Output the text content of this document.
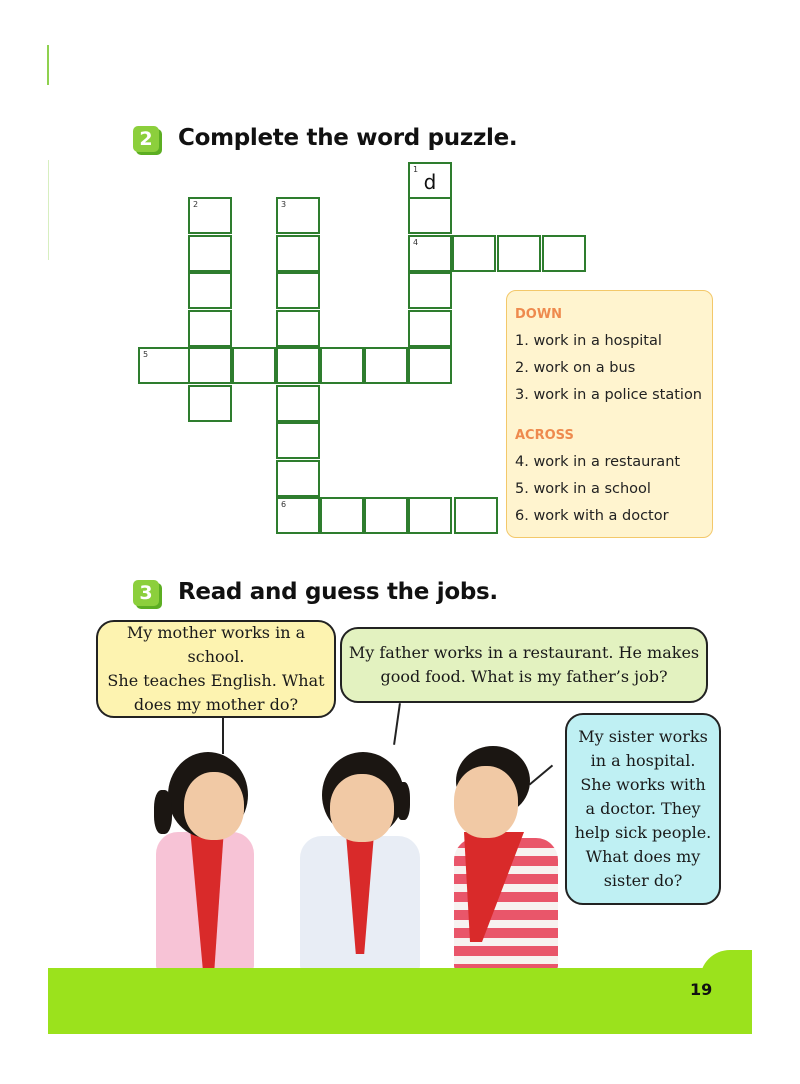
2 Complete the word puzzle.
1
d
4
2	3
6
5
DOWN
1. work in a hospital
2. work on a bus
3. work in a police station
ACROSS
4. work in a restaurant
5. work in a school
6. work with a doctor
3 Read and guess the jobs.
My mother works in a school.
She teaches English. What
does my mother do?
My father works in a restaurant. He makes
good food. What is my father’s job?
My sister works
in a hospital.
She works with
a doctor. They
help sick people.
What does my
sister do?
19
